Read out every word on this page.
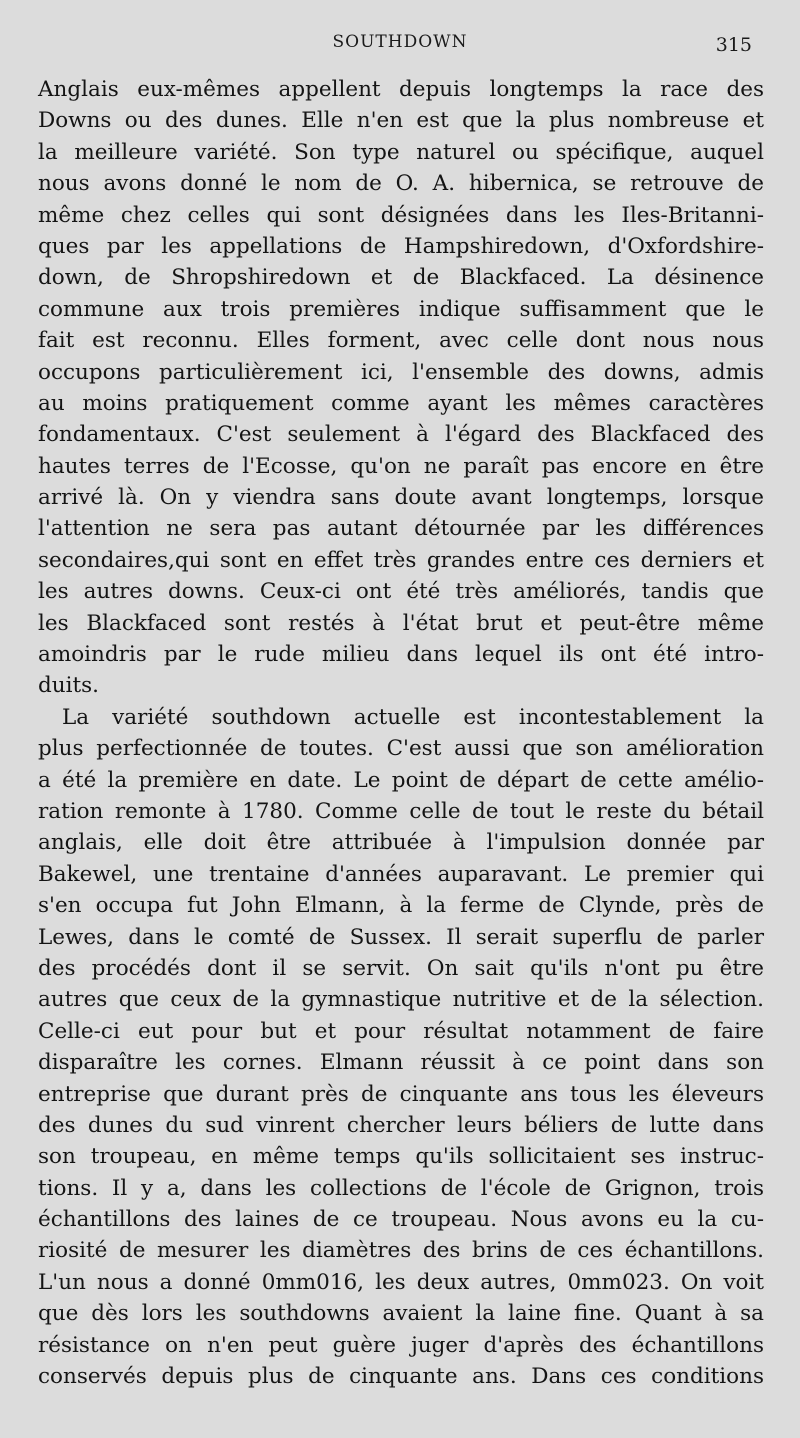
SOUTHDOWN	315
Anglais eux-mêmes appellent depuis longtemps la race des
Downs ou des dunes. Elle n'en est que la plus nombreuse et
la meilleure variété. Son type naturel ou spécifique, auquel
nous avons donné le nom de O. A. hibernica, se retrouve de
même chez celles qui sont désignées dans les Iles-Britanni-
ques par les appellations de Hampshiredown, d'Oxfordshire-
down, de Shropshiredown et de Blackfaced. La désinence
commune aux trois premières indique suffisamment que le
fait est reconnu. Elles forment, avec celle dont nous nous
occupons particulièrement ici, l'ensemble des downs, admis
au moins pratiquement comme ayant les mêmes caractères
fondamentaux. C'est seulement à l'égard des Blackfaced des
hautes terres de l'Ecosse, qu'on ne paraît pas encore en être
arrivé là. On y viendra sans doute avant longtemps, lorsque
l'attention ne sera pas autant détournée par les différences
secondaires,qui sont en effet très grandes entre ces derniers et
les autres downs. Ceux-ci ont été très améliorés, tandis que
les Blackfaced sont restés à l'état brut et peut-être même
amoindris par le rude milieu dans lequel ils ont été intro-
duits.
La variété southdown actuelle est incontestablement la
plus perfectionnée de toutes. C'est aussi que son amélioration
a été la première en date. Le point de départ de cette amélio-
ration remonte à 1780. Comme celle de tout le reste du bétail
anglais, elle doit être attribuée à l'impulsion donnée par
Bakewel, une trentaine d'années auparavant. Le premier qui
s'en occupa fut John Elmann, à la ferme de Clynde, près de
Lewes, dans le comté de Sussex. Il serait superflu de parler
des procédés dont il se servit. On sait qu'ils n'ont pu être
autres que ceux de la gymnastique nutritive et de la sélection.
Celle-ci eut pour but et pour résultat notamment de faire
disparaître les cornes. Elmann réussit à ce point dans son
entreprise que durant près de cinquante ans tous les éleveurs
des dunes du sud vinrent chercher leurs béliers de lutte dans
son troupeau, en même temps qu'ils sollicitaient ses instruc-
tions. Il y a, dans les collections de l'école de Grignon, trois
échantillons des laines de ce troupeau. Nous avons eu la cu-
riosité de mesurer les diamètres des brins de ces échantillons.
L'un nous a donné 0mm016, les deux autres, 0mm023. On voit
que dès lors les southdowns avaient la laine fine. Quant à sa
résistance on n'en peut guère juger d'après des échantillons
conservés depuis plus de cinquante ans. Dans ces conditions
